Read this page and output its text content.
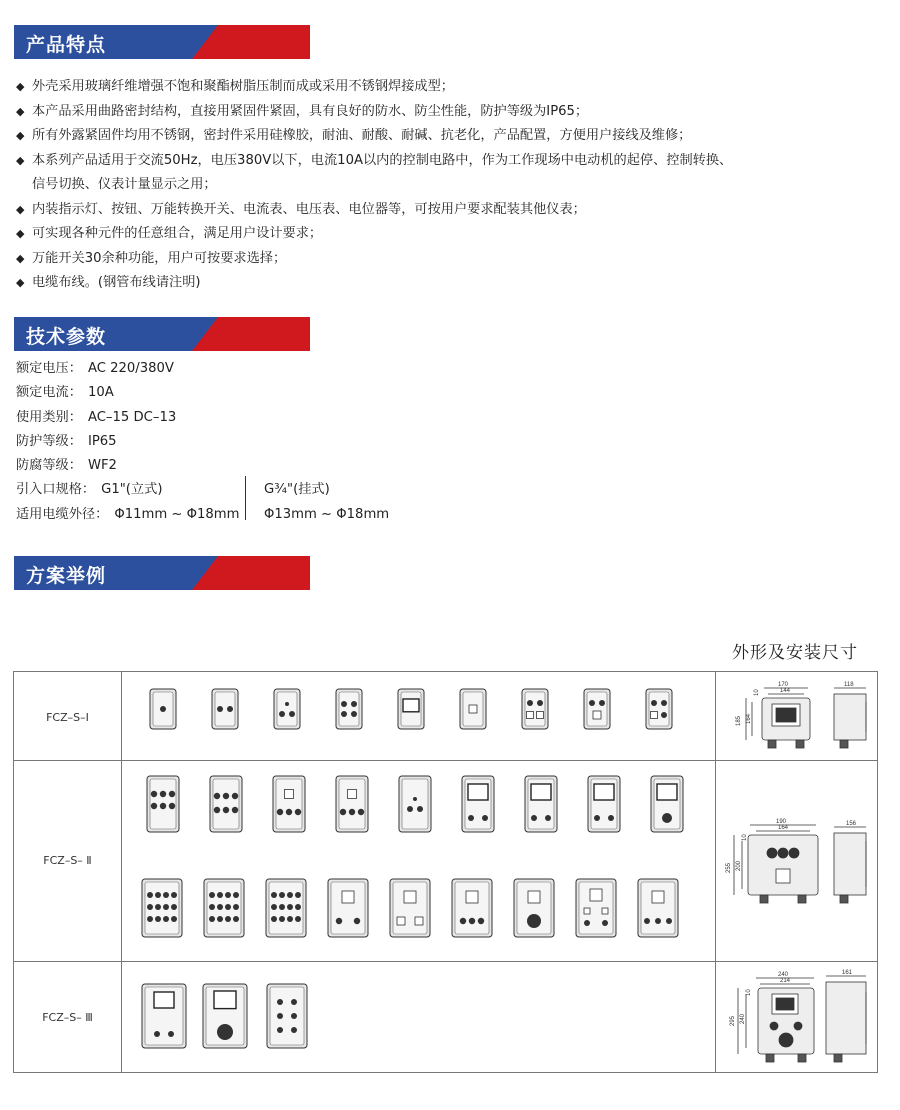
产品特点
◆ 外壳采用玻璃纤维增强不饱和聚酯树脂压制而成或采用不锈钢焊接成型；
◆ 本产品采用曲路密封结构，直接用紧固件紧固，具有良好的防水、防尘性能，防护等级为IP65；
◆ 所有外露紧固件均用不锈钢，密封件采用硅橡胶，耐油、耐酸、耐碱、抗老化，产品配置，方便用户接线及维修；
◆ 本系列产品适用于交流50Hz，电压380V以下，电流10A以内的控制电路中，作为工作现场中电动机的起停、控制转换、
信号切换、仪表计量显示之用；
◆ 内装指示灯、按钮、万能转换开关、电流表、电压表、电位器等，可按用户要求配装其他仪表；
◆ 可实现各种元件的任意组合，满足用户设计要求；
◆ 万能开关30余种功能，用户可按要求选择；
◆ 电缆布线。(钢管布线请注明)
技术参数
额定电压： AC 220/380V
额定电流： 10A
使用类别： AC–15 DC–13
防护等级： IP65
防腐等级： WF2
引入口规格： G1"(立式)	G¾"(挂式)
适用电缆外径： Φ11mm ~ Φ18mm Φ13mm ~ Φ18mm
方案举例
外形及安装尺寸
FCZ–S–Ⅰ
FCZ–S– Ⅱ
FCZ–S– Ⅲ
170
144
118
185 164
10
190
164
156
255 200
10
240
214
161
295 240
10
